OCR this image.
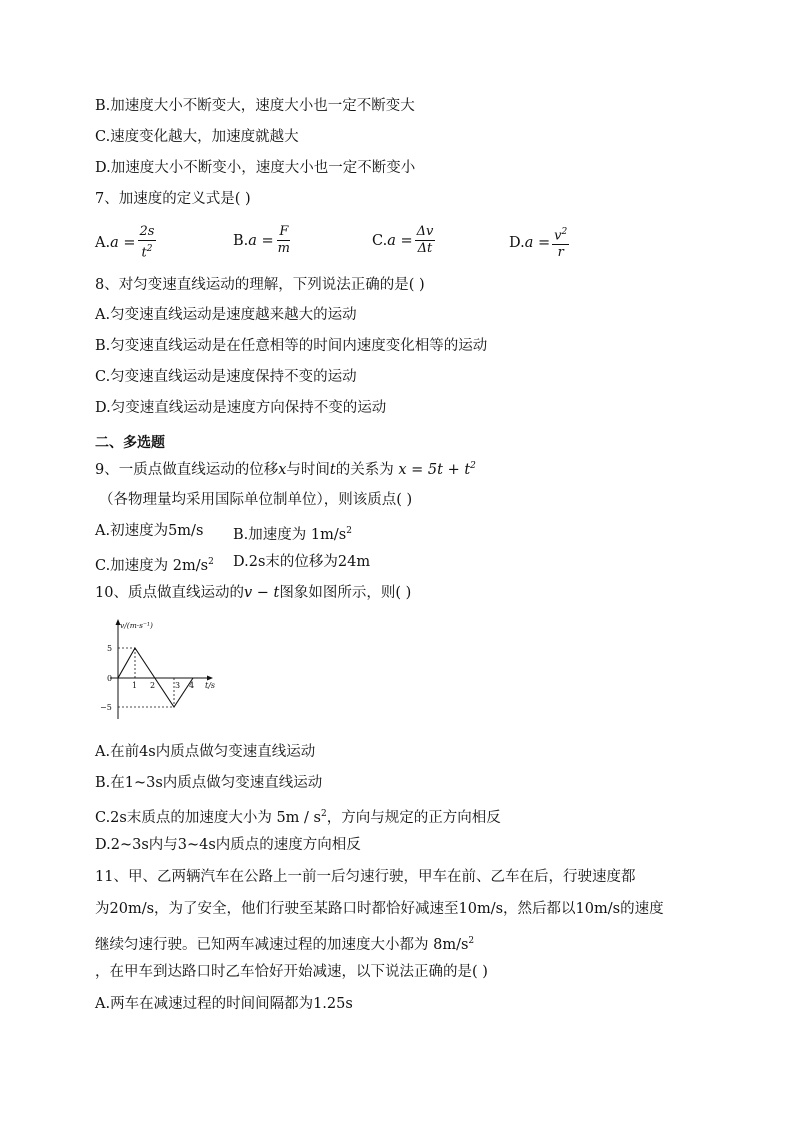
B.加速度大小不断变大，速度大小也一定不断变大
C.速度变化越大，加速度就越大
D.加速度大小不断变小，速度大小也一定不断变小
7、加速度的定义式是( )
A. $a = \frac{2s}{t^2}$	B. $a = \frac{F}{m}$	C. $a = \frac{\Delta v}{\Delta t}$	D. $a = \frac{v^2}{r}$
8、对匀变速直线运动的理解，下列说法正确的是( )
A.匀变速直线运动是速度越来越大的运动
B.匀变速直线运动是在任意相等的时间内速度变化相等的运动
C.匀变速直线运动是速度保持不变的运动
D.匀变速直线运动是速度方向保持不变的运动
二、多选题
9、一质点做直线运动的位移x与时间t的关系为 $x = 5t + t^2$
（各物理量均采用国际单位制单位），则该质点( )
A.初速度为5m/s B.加速度为 $1m/s^2$
C.加速度为 $2m/s^2$ D.2s末的位移为24m
10、质点做直线运动的v − t图象如图所示，则( )
v/(m·s⁻¹)
5
0
−5
1 2 3 4 t/s
A.在前4s内质点做匀变速直线运动
B.在1~3s内质点做匀变速直线运动
C.2s末质点的加速度大小为 $5m / s^2$，方向与规定的正方向相反
D.2~3s内与3~4s内质点的速度方向相反
11、甲、乙两辆汽车在公路上一前一后匀速行驶，甲车在前、乙车在后，行驶速度都
为20m/s，为了安全，他们行驶至某路口时都恰好减速至10m/s，然后都以10m/s的速度
继续匀速行驶。已知两车减速过程的加速度大小都为 $8m/s^2$
，在甲车到达路口时乙车恰好开始减速，以下说法正确的是( )
A.两车在减速过程的时间间隔都为1.25s
